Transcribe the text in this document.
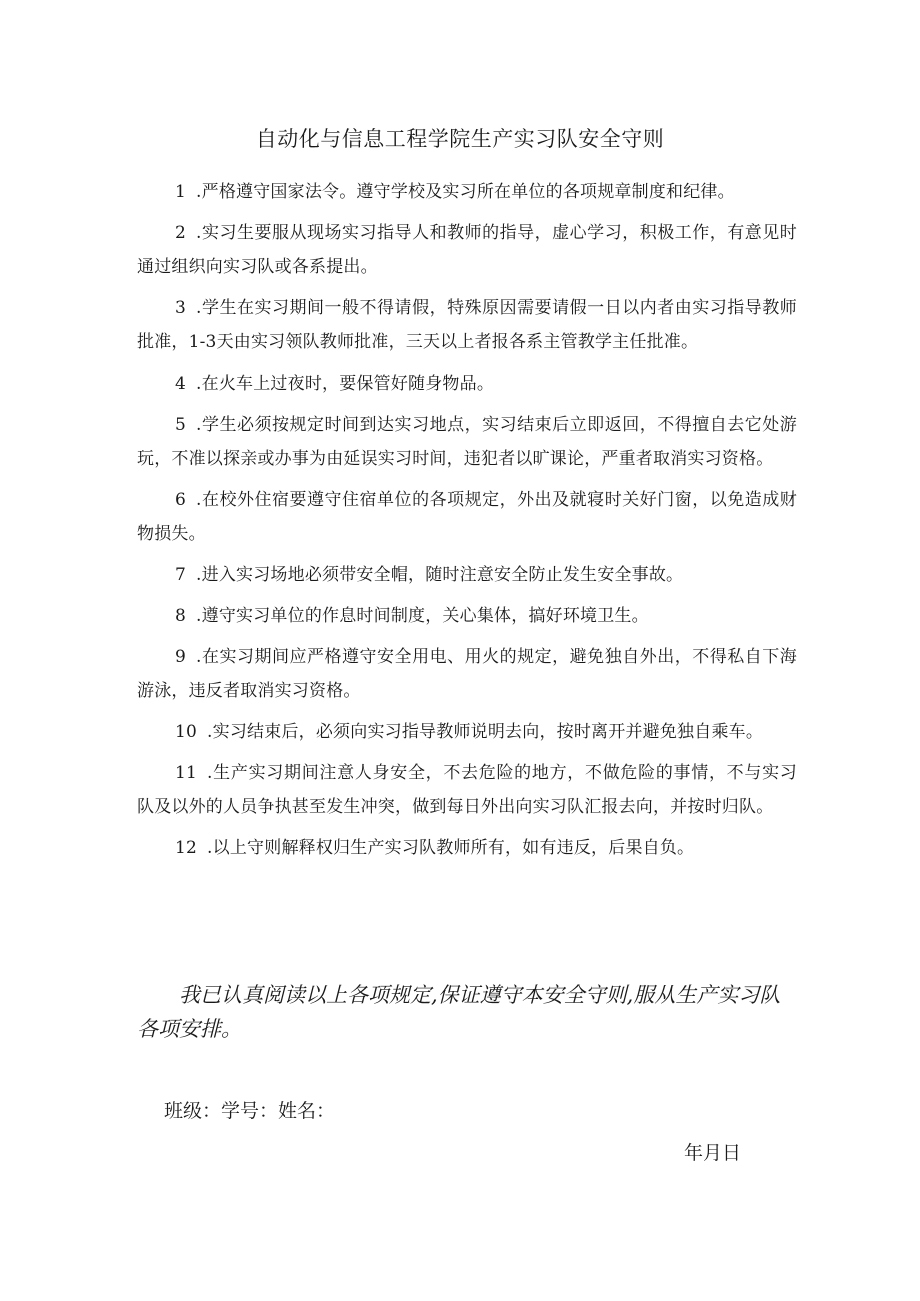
自动化与信息工程学院生产实习队安全守则

1 .严格遵守国家法令。遵守学校及实习所在单位的各项规章制度和纪律。

2 .实习生要服从现场实习指导人和教师的指导，虚心学习，积极工作，有意见时通过组织向实习队或各系提出。

3 .学生在实习期间一般不得请假，特殊原因需要请假一日以内者由实习指导教师批准，1-3天由实习领队教师批准，三天以上者报各系主管教学主任批准。

4 .在火车上过夜时，要保管好随身物品。

5 .学生必须按规定时间到达实习地点，实习结束后立即返回，不得擅自去它处游玩，不准以探亲或办事为由延误实习时间，违犯者以旷课论，严重者取消实习资格。

6 .在校外住宿要遵守住宿单位的各项规定，外出及就寝时关好门窗，以免造成财物损失。

7 .进入实习场地必须带安全帽，随时注意安全防止发生安全事故。

8 .遵守实习单位的作息时间制度，关心集体，搞好环境卫生。

9 .在实习期间应严格遵守安全用电、用火的规定，避免独自外出，不得私自下海游泳，违反者取消实习资格。

10 .实习结束后，必须向实习指导教师说明去向，按时离开并避免独自乘车。

11 .生产实习期间注意人身安全，不去危险的地方，不做危险的事情，不与实习队及以外的人员争执甚至发生冲突，做到每日外出向实习队汇报去向，并按时归队。

12 .以上守则解释权归生产实习队教师所有，如有违反，后果自负。

我已认真阅读以上各项规定,保证遵守本安全守则,服从生产实习队各项安排。
班级：学号：姓名：
年月日
